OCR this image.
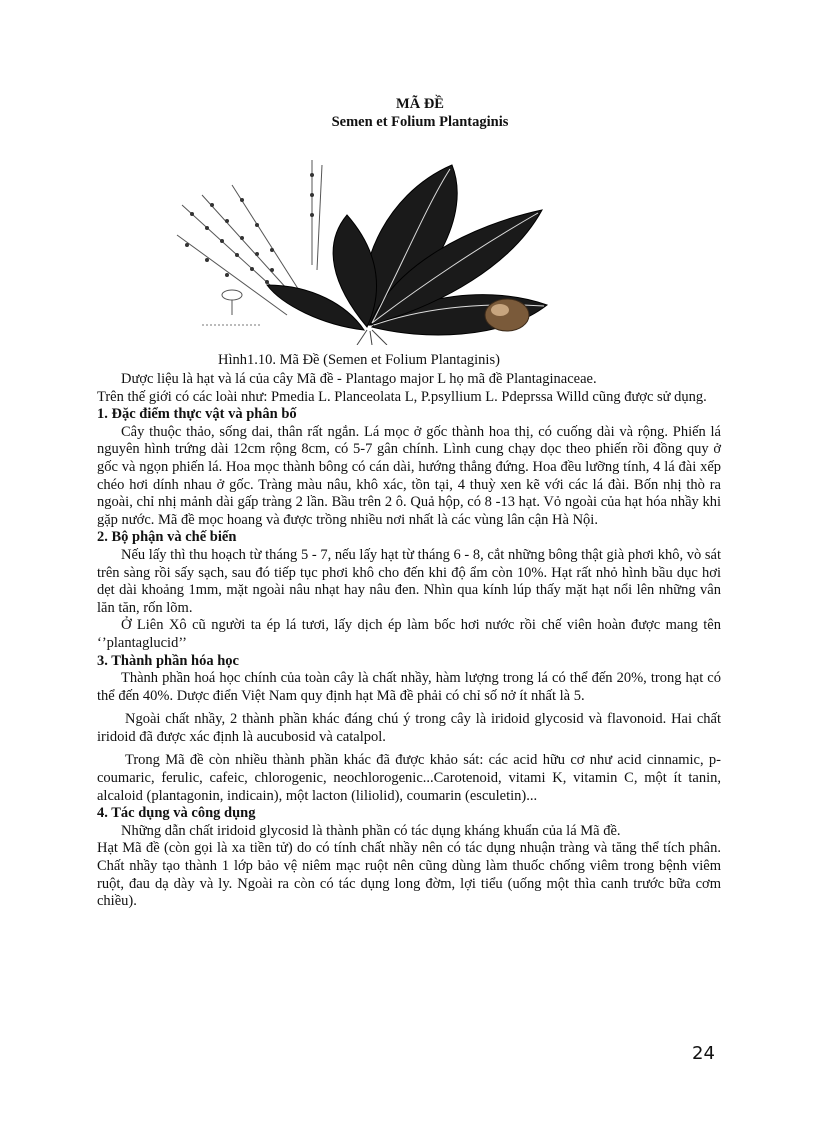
MÃ ĐỀ
Semen et Folium Plantaginis
Hình1.10. Mã Đề (Semen et Folium Plantaginis)

Dược liệu là hạt và lá của cây Mã đề - Plantago major L họ mã đề Plantaginaceae.

Trên thế giới có các loài như: Pmedia L. Planceolata L, P.psyllium L. Pdeprssa Willd cũng được sử dụng.

1. Đặc điểm thực vật và phân bố

Cây thuộc thảo, sống dai, thân rất ngắn. Lá mọc ở gốc thành hoa thị, có cuống dài và rộng. Phiến lá nguyên hình trứng dài 12cm rộng 8cm, có 5-7 gân chính. Lình cung chạy dọc theo phiến rồi đồng quy ở gốc và ngọn phiến lá. Hoa mọc thành bông có cán dài, hướng thẳng đứng. Hoa đều lưỡng tính, 4 lá đài xếp chéo hơi dính nhau ở gốc. Tràng màu nâu, khô xác, tồn tại, 4 thuỳ xen kẽ với các lá đài. Bốn nhị thò ra ngoài, chỉ nhị mảnh dài gấp tràng 2 lần. Bầu trên 2 ô. Quả hộp, có 8 -13 hạt. Vỏ ngoài của hạt hóa nhầy khi gặp nước. Mã đề mọc hoang và được trồng nhiều nơi nhất là các vùng lân cận Hà Nội.

2. Bộ phận và chế biến

Nếu lấy thì thu hoạch từ tháng 5 - 7, nếu lấy hạt từ tháng 6 - 8, cắt những bông thật già phơi khô, vò sát trên sàng rồi sấy sạch, sau đó tiếp tục phơi khô cho đến khi độ ẩm còn 10%. Hạt rất nhỏ hình bầu dục hơi dẹt dài khoảng 1mm, mặt ngoài nâu nhạt hay nâu đen. Nhìn qua kính lúp thấy mặt hạt nổi lên những vân lăn tăn, rốn lõm.

Ở Liên Xô cũ người ta ép lá tươi, lấy dịch ép làm bốc hơi nước rồi chế viên hoàn được mang tên ‘’plantaglucid’’

3. Thành phần hóa học

Thành phần hoá học chính của toàn cây là chất nhầy, hàm lượng trong lá có thể đến 20%, trong hạt có thể đến 40%. Dược điển Việt Nam quy định hạt Mã đề phải có chỉ số nở ít nhất là 5.

Ngoài chất nhầy, 2 thành phần khác đáng chú ý trong cây là iridoid glycosid và flavonoid. Hai chất iridoid đã được xác định là aucubosid và catalpol.

Trong Mã đề còn nhiều thành phần khác đã được khảo sát: các acid hữu cơ như acid cinnamic, p-coumaric, ferulic, cafeic, chlorogenic, neochlorogenic...Carotenoid, vitami K, vitamin C, một ít tanin, alcaloid (plantagonin, indicain), một lacton (liliolid), coumarin (esculetin)...

4. Tác dụng và công dụng

Những dẫn chất iridoid glycosid là thành phần có tác dụng kháng khuẩn của lá Mã đề.

Hạt Mã đề (còn gọi là xa tiền tử) do có tính chất nhầy nên có tác dụng nhuận tràng và tăng thể tích phân. Chất nhầy tạo thành 1 lớp bảo vệ niêm mạc ruột nên cũng dùng làm thuốc chống viêm trong bệnh viêm ruột, đau dạ dày và ly. Ngoài ra còn có tác dụng long đờm, lợi tiểu (uống một thìa canh trước bữa cơm chiều).

24
